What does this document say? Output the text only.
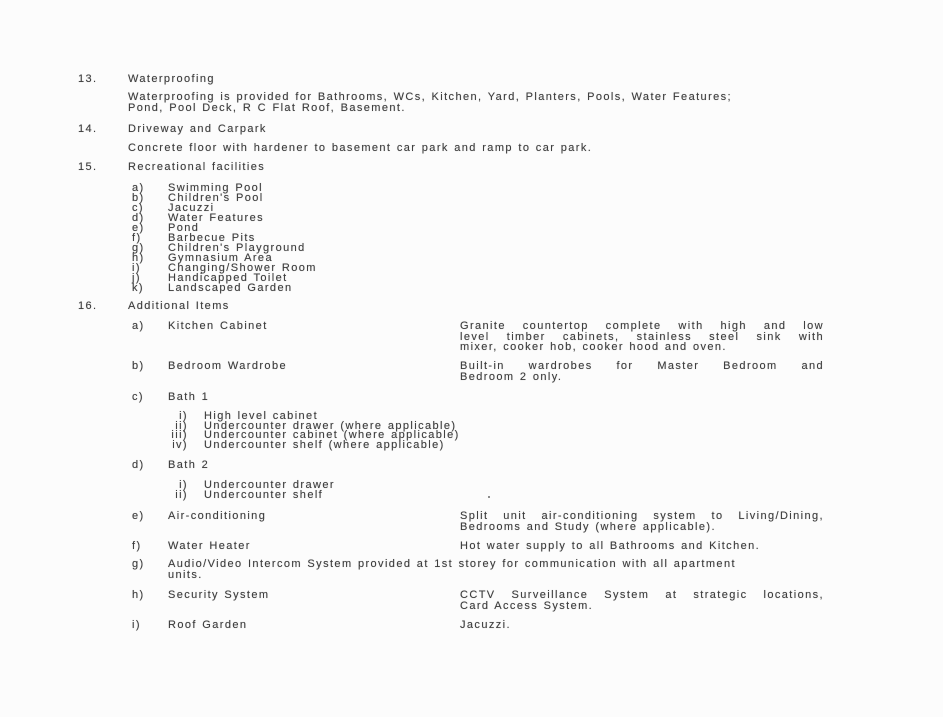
13.	Waterproofing
Waterproofing is provided for Bathrooms, WCs, Kitchen, Yard, Planters, Pools, Water Features;
Pond, Pool Deck, R C Flat Roof, Basement.
14.	Driveway and Carpark
Concrete floor with hardener to basement car park and ramp to car park.
15.	Recreational facilities
a) Swimming Pool
b) Children's Pool
c) Jacuzzi
d) Water Features
e) Pond
f) Barbecue Pits
g) Children's Playground
h) Gymnasium Area
i) Changing/Shower Room
j) Handicapped Toilet
k) Landscaped Garden
16.	Additional Items
a) Kitchen Cabinet	Granite countertop complete with high and low
level timber cabinets, stainless steel sink with
mixer, cooker hob, cooker hood and oven.
b) Bedroom Wardrobe	Built-in wardrobes for Master Bedroom and
Bedroom 2 only.
c) Bath 1
i) High level cabinet
ii) Undercounter drawer (where applicable)
iii) Undercounter cabinet (where applicable)
iv) Undercounter shelf (where applicable)
d) Bath 2
i) Undercounter drawer
ii) Undercounter shelf
e) Air-conditioning	Split unit air-conditioning system to Living/Dining,
Bedrooms and Study (where applicable).
f) Water Heater	Hot water supply to all Bathrooms and Kitchen.
g) Audio/Video Intercom System provided at 1st storey for communication with all apartment
units.
h) Security System	CCTV Surveillance System at strategic locations,
Card Access System.
i) Roof Garden	Jacuzzi.
